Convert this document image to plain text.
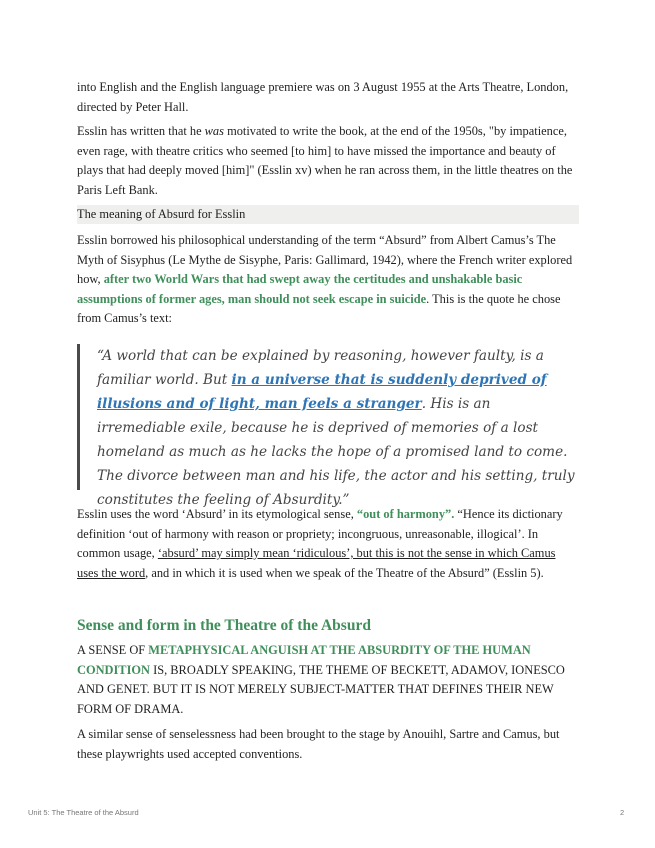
into English and the English language premiere was on 3 August 1955 at the Arts Theatre, London, directed by Peter Hall.

Esslin has written that he was motivated to write the book, at the end of the 1950s, "by impatience, even rage, with theatre critics who seemed [to him] to have missed the importance and beauty of plays that had deeply moved [him]" (Esslin xv) when he ran across them, in the little theatres on the Paris Left Bank.

The meaning of Absurd for Esslin

Esslin borrowed his philosophical understanding of the term “Absurd” from Albert Camus’s The Myth of Sisyphus (Le Mythe de Sisyphe, Paris: Gallimard, 1942), where the French writer explored how, after two World Wars that had swept away the certitudes and unshakable basic assumptions of former ages, man should not seek escape in suicide. This is the quote he chose from Camus’s text:

“A world that can be explained by reasoning, however faulty, is a familiar world. But in a universe that is suddenly deprived of illusions and of light, man feels a stranger. His is an irremediable exile, because he is deprived of memories of a lost homeland as much as he lacks the hope of a promised land to come. The divorce between man and his life, the actor and his setting, truly constitutes the feeling of Absurdity.”

Esslin uses the word ‘Absurd’ in its etymological sense, “out of harmony”. “Hence its dictionary definition ‘out of harmony with reason or propriety; incongruous, unreasonable, illogical’. In common usage, ‘absurd’ may simply mean ‘ridiculous’, but this is not the sense in which Camus uses the word, and in which it is used when we speak of the Theatre of the Absurd” (Esslin 5).

Sense and form in the Theatre of the Absurd

A SENSE OF METAPHYSICAL ANGUISH AT THE ABSURDITY OF THE HUMAN CONDITION IS, BROADLY SPEAKING, THE THEME OF BECKETT, ADAMOV, IONESCO AND GENET. BUT IT IS NOT MERELY SUBJECT-MATTER THAT DEFINES THEIR NEW FORM OF DRAMA.

A similar sense of senselessness had been brought to the stage by Anouihl, Sartre and Camus, but these playwrights used accepted conventions.

Unit 5: The Theatre of the Absurd	2
